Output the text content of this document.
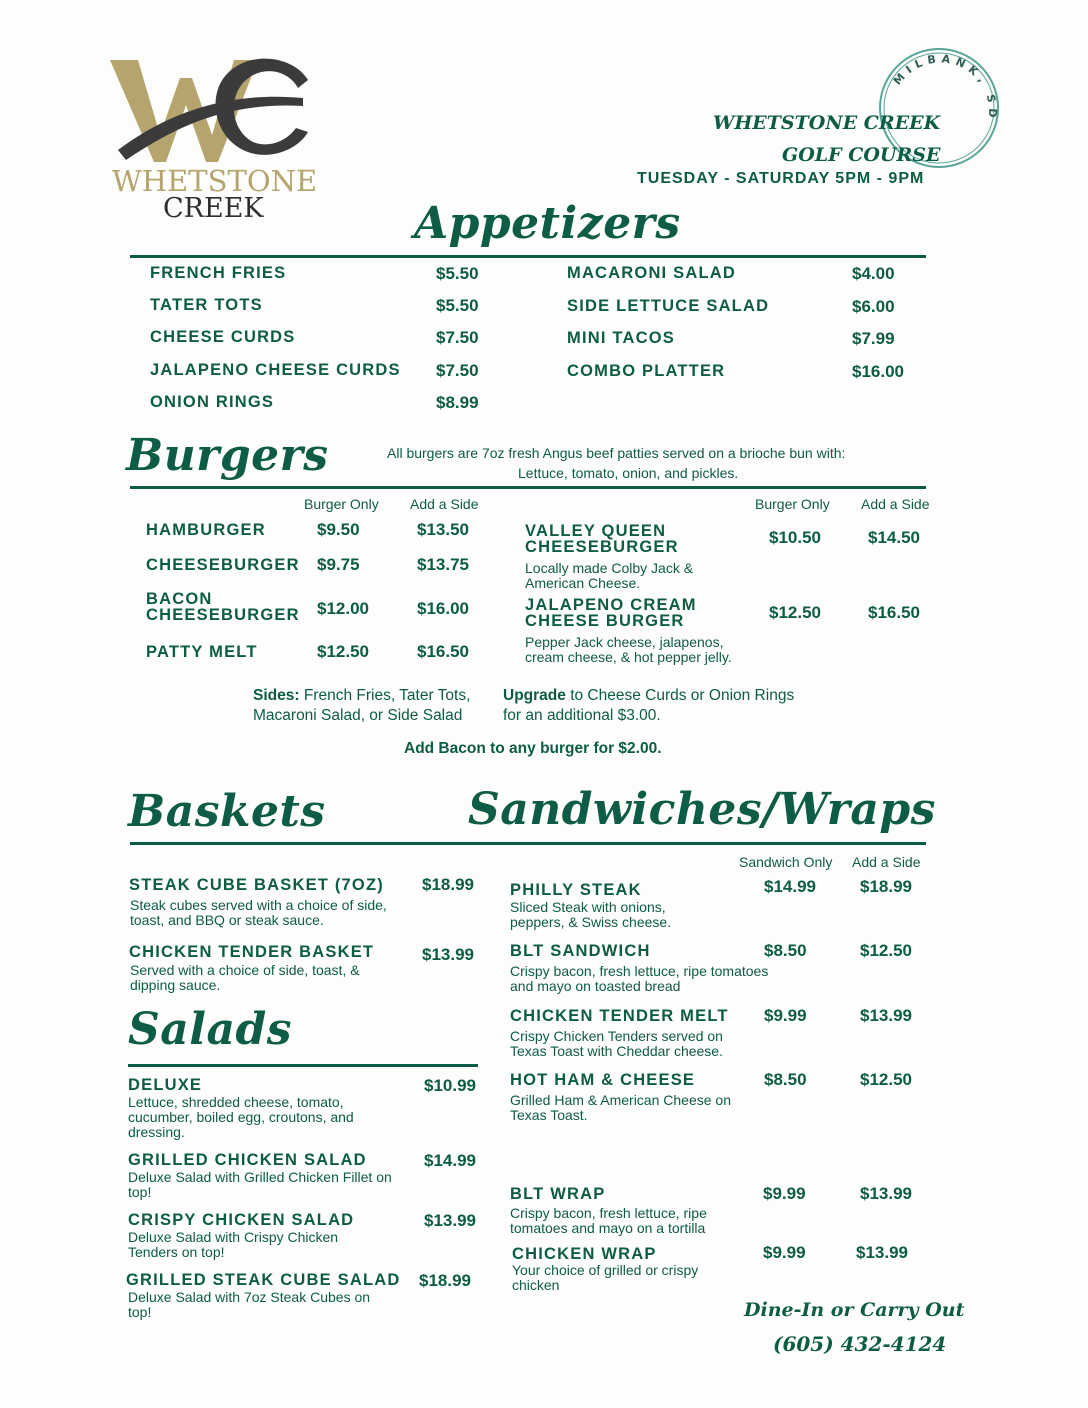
WHETSTONE
CREEK
MILBANK, SD
WHETSTONE CREEK
GOLF COURSE
TUESDAY - SATURDAY 5PM - 9PM
Appetizers
FRENCH FRIES	$5.50
TATER TOTS	$5.50
CHEESE CURDS	$7.50
JALAPENO CHEESE CURDS $7.50
ONION RINGS	$8.99
MACARONI SALAD	$4.00
SIDE LETTUCE SALAD	$6.00
MINI TACOS	$7.99
COMBO PLATTER	$16.00
Burgers	All burgers are 7oz fresh Angus beef patties served on a brioche bun with:
Lettuce, tomato, onion, and pickles.
Burger Only Add a Side	Burger Only Add a Side
HAMBURGER	$9.50	$13.50
CHEESEBURGER $9.75	$13.75
BACON CHEESEBURGER	$12.00	$16.00
PATTY MELT	$12.50	$16.50
VALLEY QUEEN CHEESEBURGER	$10.50	$14.50
Locally made Colby Jack & American Cheese.
JALAPENO CREAM CHEESE BURGER	$12.50	$16.50
Pepper Jack cheese, jalapenos, cream cheese, & hot pepper jelly.
Sides: French Fries, Tater Tots,
Macaroni Salad, or Side Salad
Upgrade to Cheese Curds or Onion Rings
for an additional $3.00.
Add Bacon to any burger for $2.00.
Baskets	Sandwiches/Wraps
STEAK CUBE BASKET (7OZ) $18.99
Steak cubes served with a choice of side, toast, and BBQ or steak sauce.
CHICKEN TENDER BASKET	$13.99
Served with a choice of side, toast, & dipping sauce.
Salads
DELUXE	$10.99
Lettuce, shredded cheese, tomato, cucumber, boiled egg, croutons, and dressing.
GRILLED CHICKEN SALAD	$14.99
Deluxe Salad with Grilled Chicken Fillet on top!
CRISPY CHICKEN SALAD	$13.99
Deluxe Salad with Crispy Chicken Tenders on top!
GRILLED STEAK CUBE SALAD $18.99
Deluxe Salad with 7oz Steak Cubes on top!
Sandwich Only Add a Side
PHILLY STEAK	$14.99	$18.99
Sliced Steak with onions, peppers, & Swiss cheese.
BLT SANDWICH	$8.50	$12.50
Crispy bacon, fresh lettuce, ripe tomatoes and mayo on toasted bread
CHICKEN TENDER MELT $9.99	$13.99
Crispy Chicken Tenders served on Texas Toast with Cheddar cheese.
HOT HAM & CHEESE	$8.50	$12.50
Grilled Ham & American Cheese on Texas Toast.
BLT WRAP	$9.99	$13.99
Crispy bacon, fresh lettuce, ripe tomatoes and mayo on a tortilla
CHICKEN WRAP	$9.99	$13.99
Your choice of grilled or crispy chicken
Dine-In or Carry Out
(605) 432-4124
